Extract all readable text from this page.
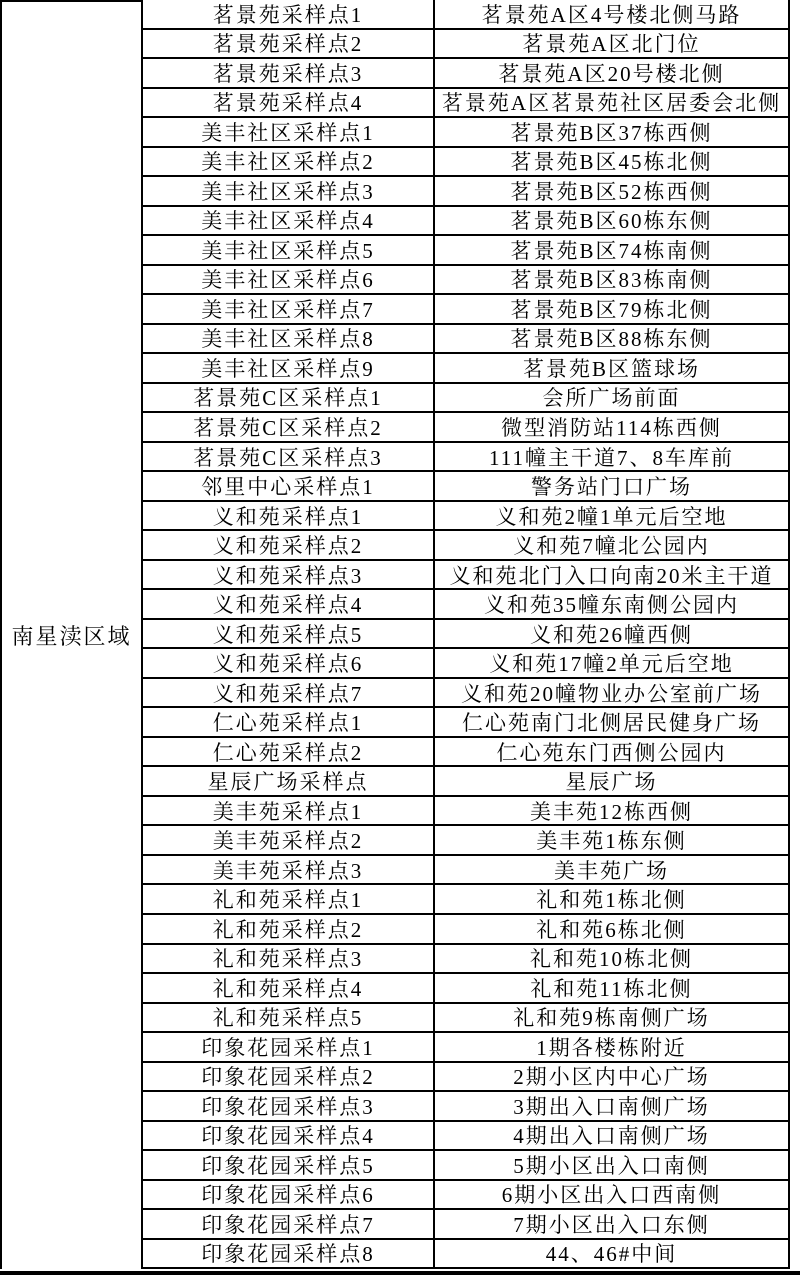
南星渎区域
茗景苑采样点1	茗景苑A区4号楼北侧马路
茗景苑采样点2	茗景苑A区北门位
茗景苑采样点3	茗景苑A区20号楼北侧
茗景苑采样点4	茗景苑A区茗景苑社区居委会北侧
美丰社区采样点1	茗景苑B区37栋西侧
美丰社区采样点2	茗景苑B区45栋北侧
美丰社区采样点3	茗景苑B区52栋西侧
美丰社区采样点4	茗景苑B区60栋东侧
美丰社区采样点5	茗景苑B区74栋南侧
美丰社区采样点6	茗景苑B区83栋南侧
美丰社区采样点7	茗景苑B区79栋北侧
美丰社区采样点8	茗景苑B区88栋东侧
美丰社区采样点9	茗景苑B区篮球场
茗景苑C区采样点1	会所广场前面
茗景苑C区采样点2	微型消防站114栋西侧
茗景苑C区采样点3	111幢主干道7、8车库前
邻里中心采样点1	警务站门口广场
义和苑采样点1	义和苑2幢1单元后空地
义和苑采样点2	义和苑7幢北公园内
义和苑采样点3	义和苑北门入口向南20米主干道
义和苑采样点4	义和苑35幢东南侧公园内
义和苑采样点5	义和苑26幢西侧
义和苑采样点6	义和苑17幢2单元后空地
义和苑采样点7	义和苑20幢物业办公室前广场
仁心苑采样点1	仁心苑南门北侧居民健身广场
仁心苑采样点2	仁心苑东门西侧公园内
星辰广场采样点	星辰广场
美丰苑采样点1	美丰苑12栋西侧
美丰苑采样点2	美丰苑1栋东侧
美丰苑采样点3	美丰苑广场
礼和苑采样点1	礼和苑1栋北侧
礼和苑采样点2	礼和苑6栋北侧
礼和苑采样点3	礼和苑10栋北侧
礼和苑采样点4	礼和苑11栋北侧
礼和苑采样点5	礼和苑9栋南侧广场
印象花园采样点1	1期各楼栋附近
印象花园采样点2	2期小区内中心广场
印象花园采样点3	3期出入口南侧广场
印象花园采样点4	4期出入口南侧广场
印象花园采样点5	5期小区出入口南侧
印象花园采样点6	6期小区出入口西南侧
印象花园采样点7	7期小区出入口东侧
印象花园采样点8	44、46#中间
